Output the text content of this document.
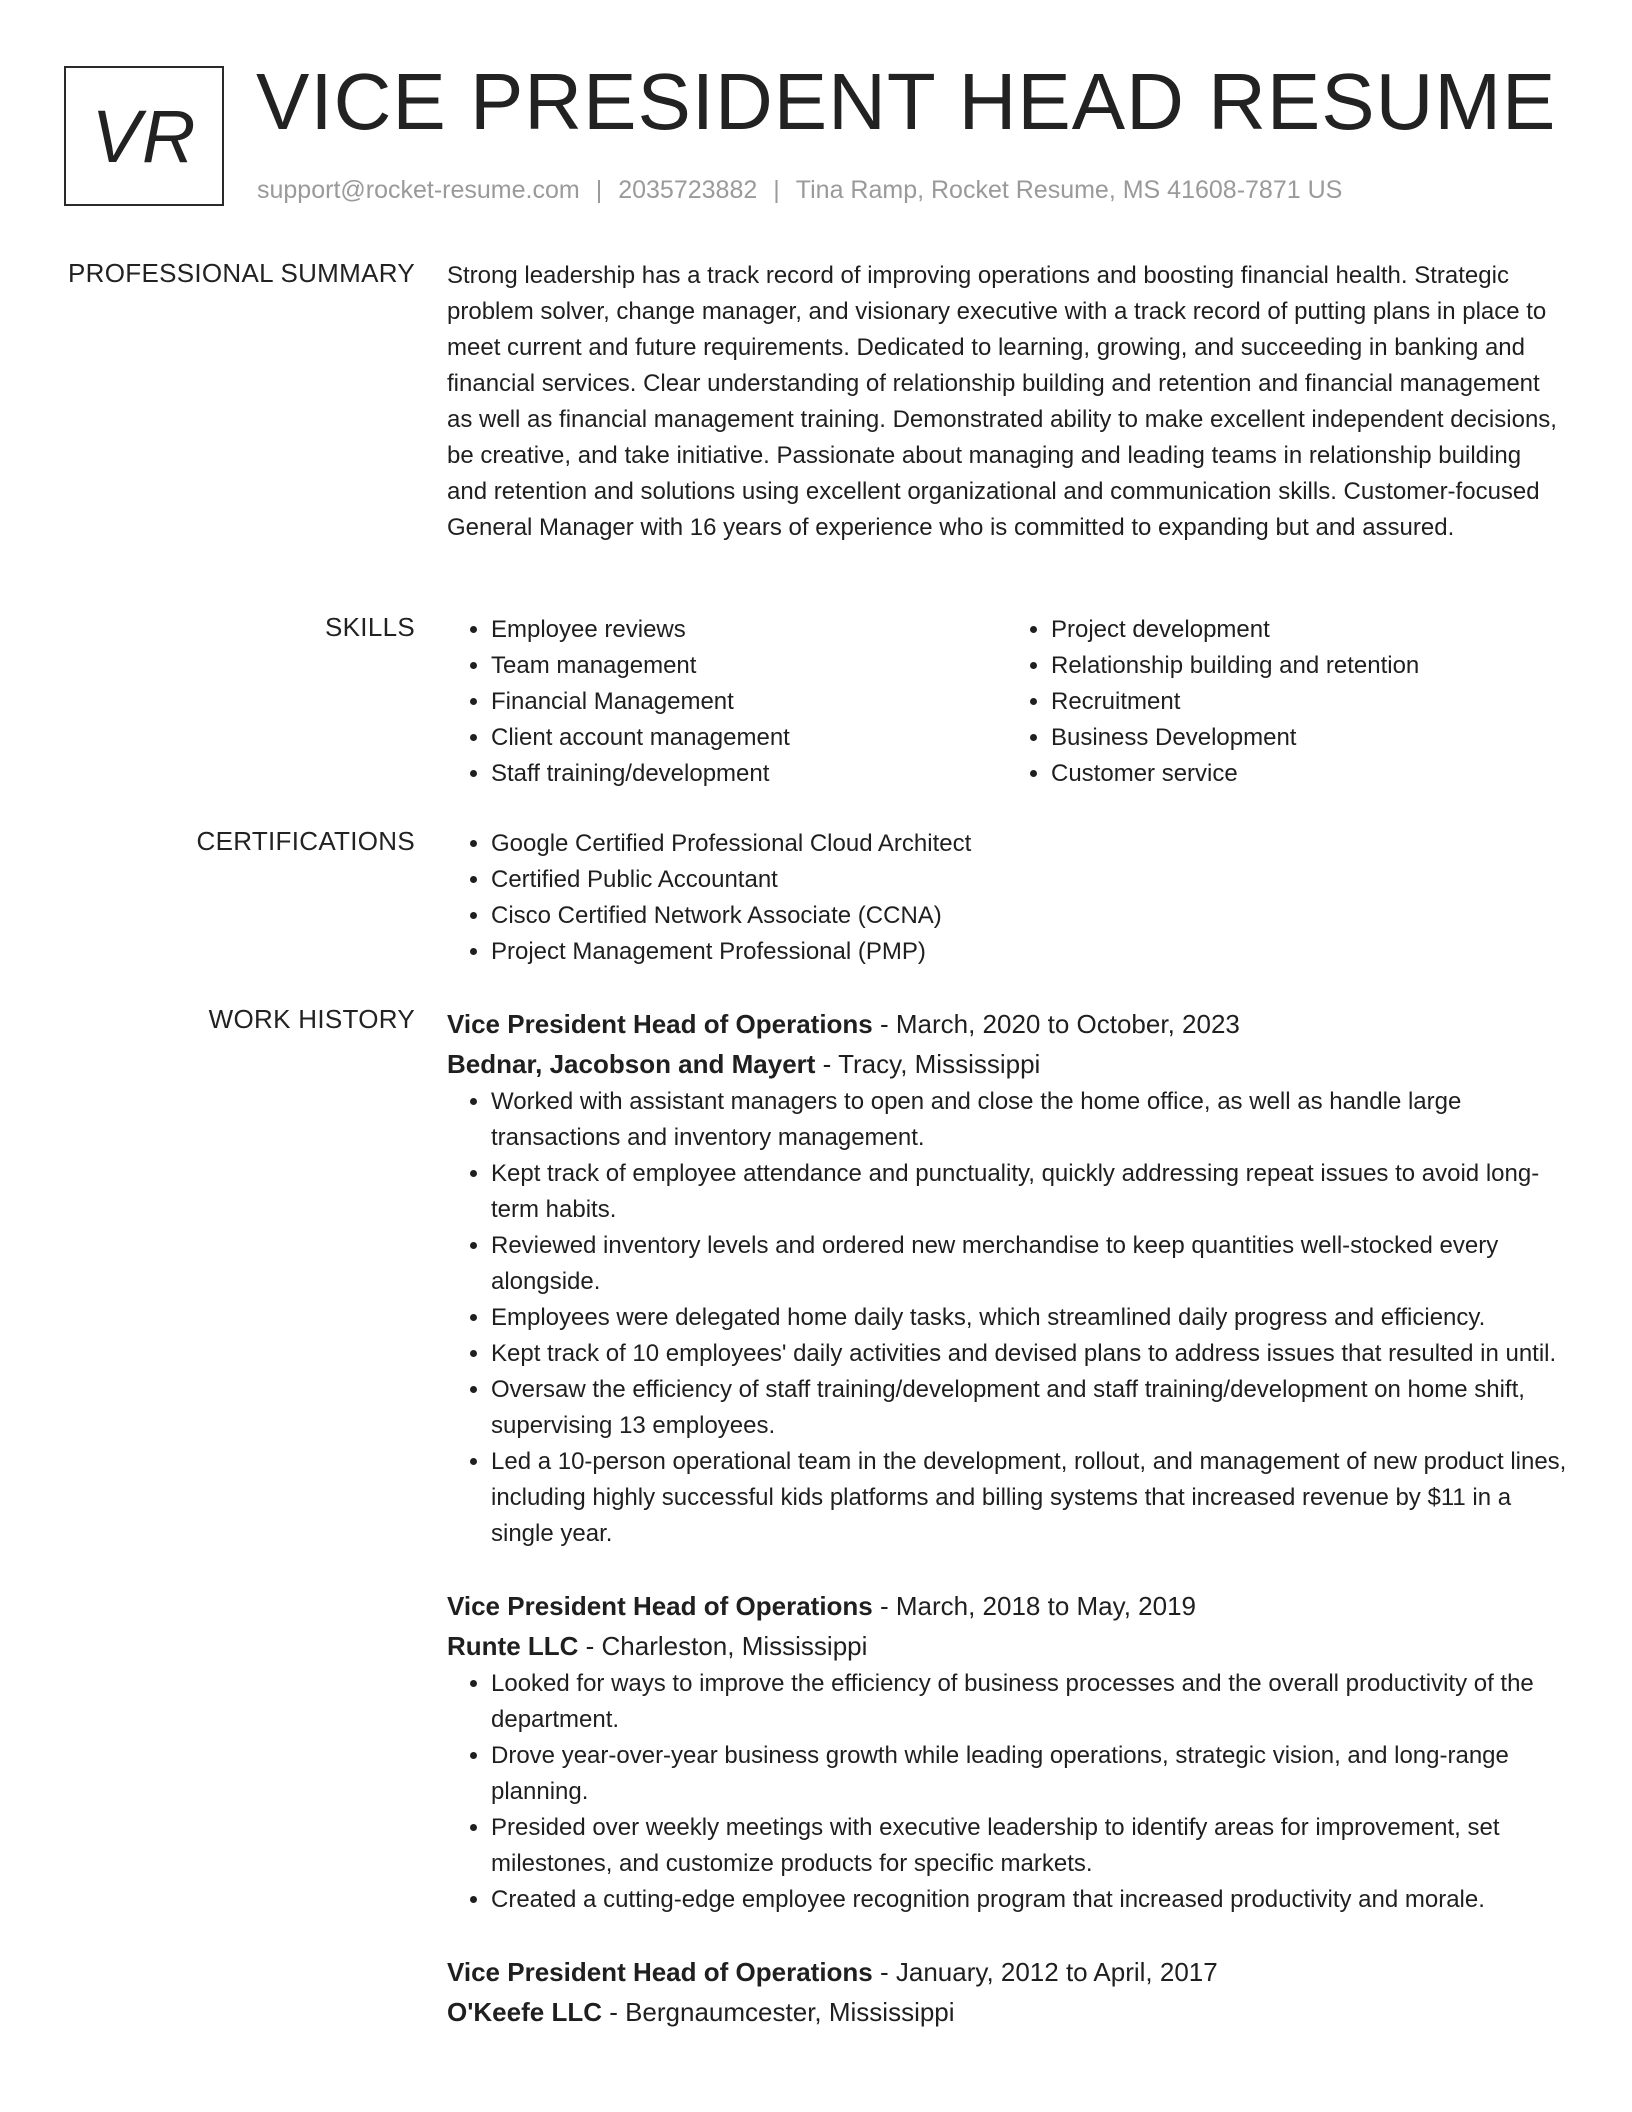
VR VICE PRESIDENT HEAD RESUME
support@rocket-resume.com | 2035723882 | Tina Ramp, Rocket Resume, MS 41608-7871 US
PROFESSIONAL SUMMARY Strong leadership has a track record of improving operations and boosting financial health. Strategic problem solver, change manager, and visionary executive with a track record of putting plans in place to meet current and future requirements. Dedicated to learning, growing, and succeeding in banking and financial services. Clear understanding of relationship building and retention and financial management as well as financial management training. Demonstrated ability to make excellent independent decisions, be creative, and take initiative. Passionate about managing and leading teams in relationship building and retention and solutions using excellent organizational and communication skills. Customer-focused General Manager with 16 years of experience who is committed to expanding but and assured.

SKILLS	• Employee reviews
• Team management
• Financial Management
• Client account management
• Staff training/development
• Project development
• Relationship building and retention
• Recruitment
• Business Development
• Customer service
CERTIFICATIONS	• Google Certified Professional Cloud Architect
• Certified Public Accountant
• Cisco Certified Network Associate (CCNA)
• Project Management Professional (PMP)
WORK HISTORY Vice President Head of Operations - March, 2020 to October, 2023
Bednar, Jacobson and Mayert - Tracy, Mississippi
• Worked with assistant managers to open and close the home office, as well as handle large transactions and inventory management.
• Kept track of employee attendance and punctuality, quickly addressing repeat issues to avoid long-term habits.
• Reviewed inventory levels and ordered new merchandise to keep quantities well-stocked every alongside.
• Employees were delegated home daily tasks, which streamlined daily progress and efficiency.
• Kept track of 10 employees' daily activities and devised plans to address issues that resulted in until.
• Oversaw the efficiency of staff training/development and staff training/development on home shift, supervising 13 employees.
• Led a 10-person operational team in the development, rollout, and management of new product lines, including highly successful kids platforms and billing systems that increased revenue by $11 in a single year.
Vice President Head of Operations - March, 2018 to May, 2019
Runte LLC - Charleston, Mississippi
• Looked for ways to improve the efficiency of business processes and the overall productivity of the department.
• Drove year-over-year business growth while leading operations, strategic vision, and long-range planning.
• Presided over weekly meetings with executive leadership to identify areas for improvement, set milestones, and customize products for specific markets.
• Created a cutting-edge employee recognition program that increased productivity and morale.
Vice President Head of Operations - January, 2012 to April, 2017
O'Keefe LLC - Bergnaumcester, Mississippi
